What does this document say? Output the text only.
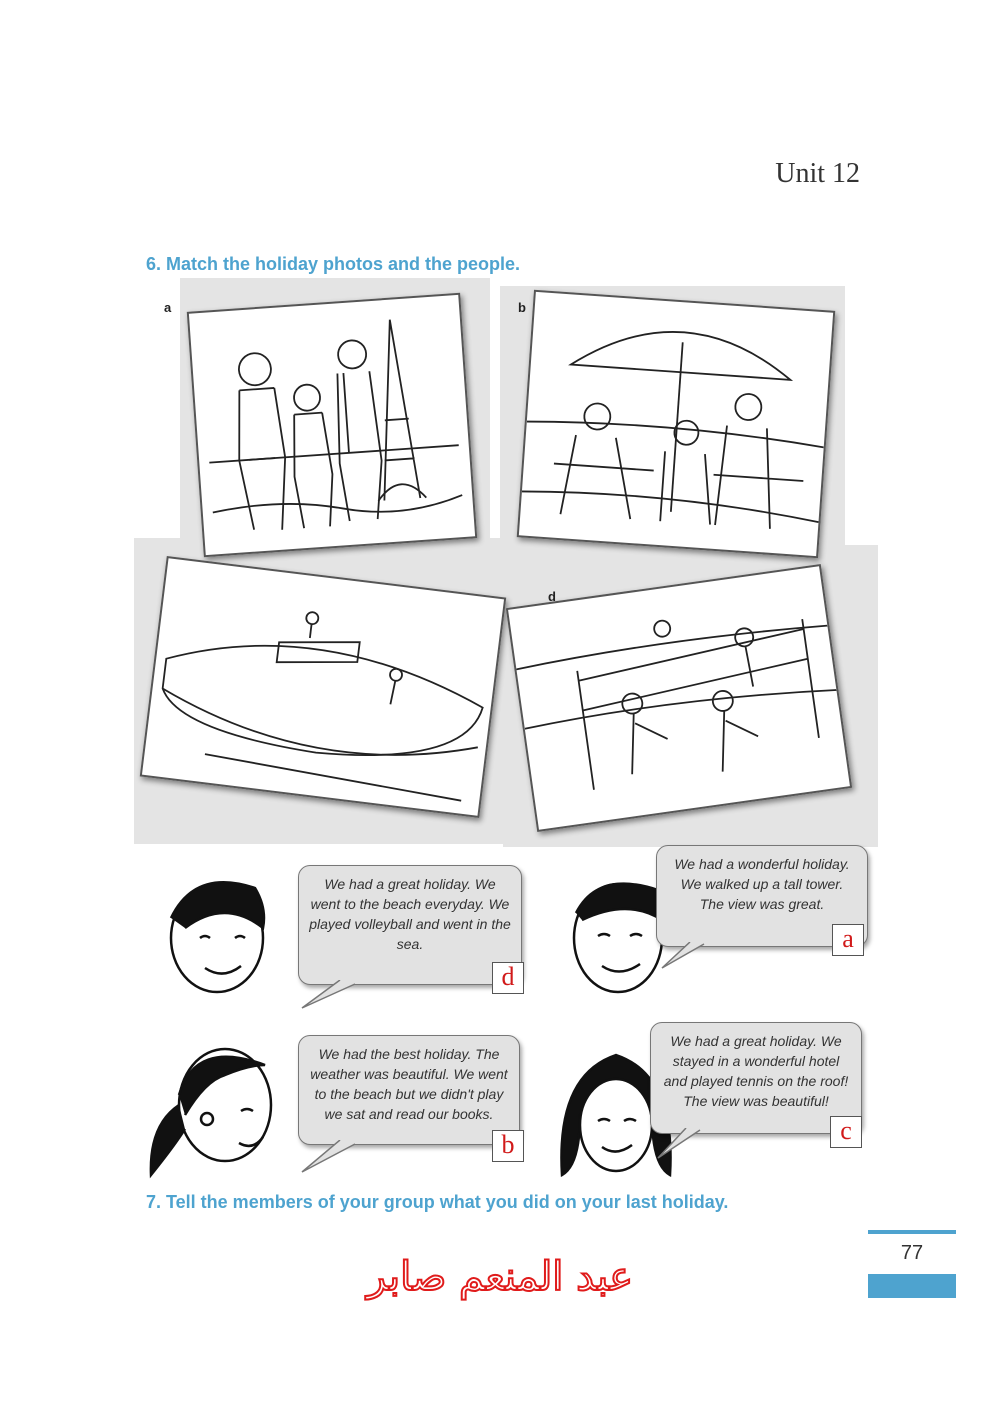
Unit 12
6. Match the holiday photos and the people.
a	b
d
We had a great holiday. We went to the beach everyday. We played volleyball and went in the sea.
d
We had a wonderful holiday. We walked up a tall tower. The view was great.
a
We had the best holiday. The weather was beautiful. We went to the beach but we didn't play we sat and read our books.
b
We had a great holiday. We stayed in a wonderful hotel and played tennis on the roof! The view was beautiful!
c
7. Tell the members of your group what you did on your last holiday.
77
عبد المنعم صابر
